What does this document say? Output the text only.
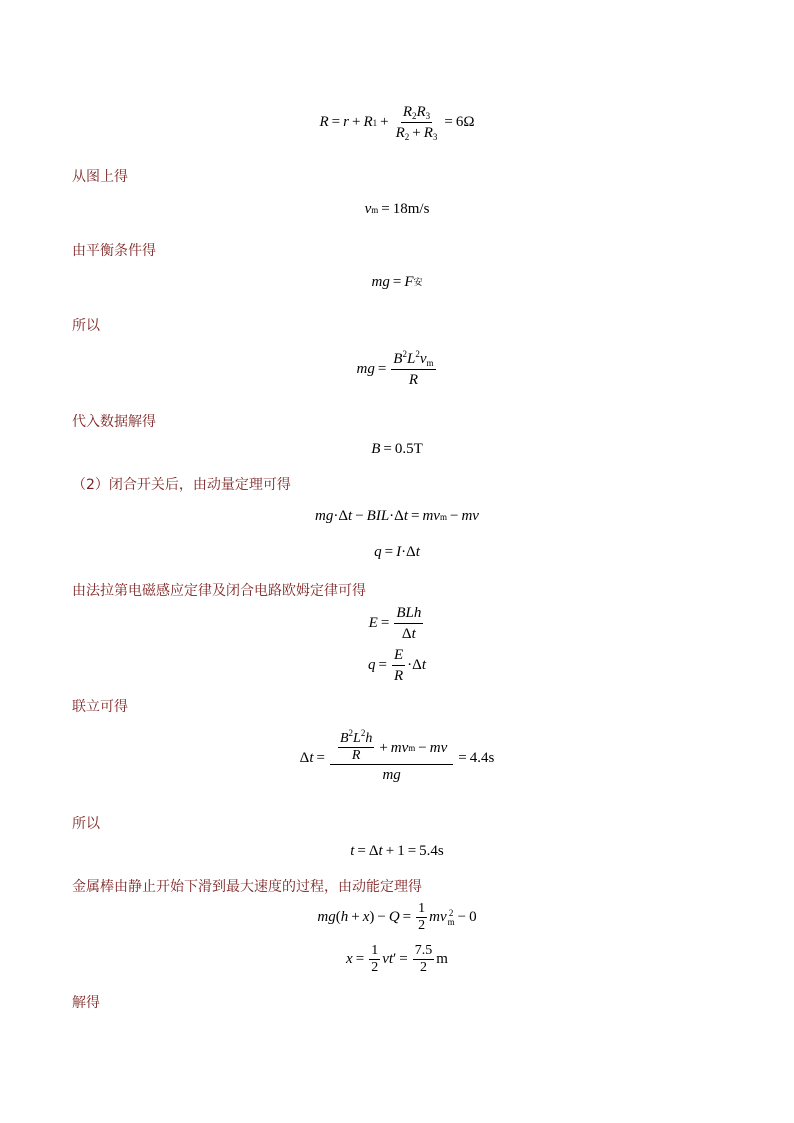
R = r + R $1 + \frac{R_2R_3}{R_2 + R_3} = 6\Omega$
从图上得
v m = 18m/s
由平衡条件得
mg = F 安
所以
mg = $\frac{B^2L^2v_m}{R}$
代入数据解得
B = 0.5T
（2）闭合开关后，由动量定理可得
mg ·Δ t − BIL ·Δ t = mv m − mv
q = I ·Δ t
由法拉第电磁感应定律及闭合电路欧姆定律可得
$E = \frac{\text{BLh}}{\Delta t}$
$q = \frac{E}{R} \cdot\Delta$ t
联立可得
Δ $t = \frac{\frac{B^2L^2h}{R} + mv m - mv}{mg} = 4.4s$
所以
t = Δ t + 1 = 5.4s
金属棒由静止开始下滑到最大速度的过程，由动能定理得
mg ( h + x ) − $Q = \frac{1}{2}$ mv 2
m − 0
$x = \frac{1}{2}$ vt ′ = $\frac{7.5}{2}$ m
解得
